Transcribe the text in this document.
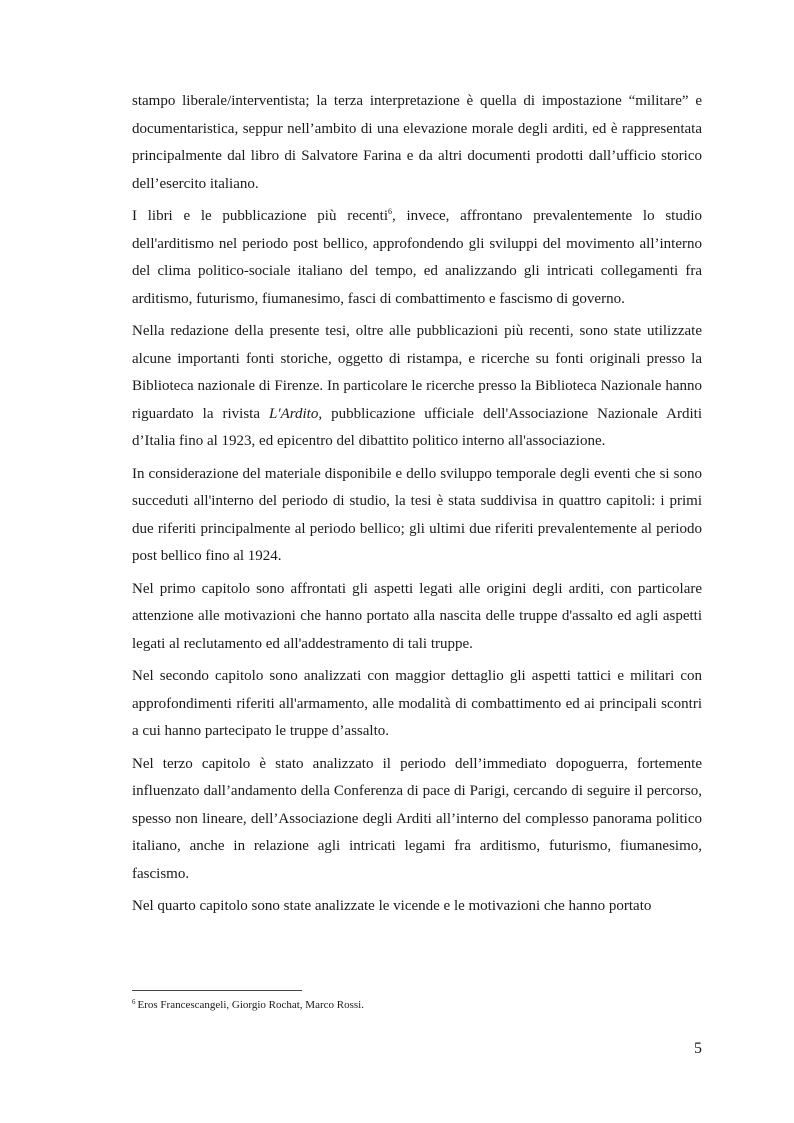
stampo liberale/interventista; la terza interpretazione è quella di impostazione “militare” e documentaristica, seppur nell’ambito di una elevazione morale degli arditi, ed è rappresentata principalmente dal libro di Salvatore Farina e da altri documenti prodotti dall’ufficio storico dell’esercito italiano.

I libri e le pubblicazione più recenti$^6$, invece, affrontano prevalentemente lo studio dell'arditismo nel periodo post bellico, approfondendo gli sviluppi del movimento all’interno del clima politico-sociale italiano del tempo, ed analizzando gli intricati collegamenti fra arditismo, futurismo, fiumanesimo, fasci di combattimento e fascismo di governo.

Nella redazione della presente tesi, oltre alle pubblicazioni più recenti, sono state utilizzate alcune importanti fonti storiche, oggetto di ristampa, e ricerche su fonti originali presso la Biblioteca nazionale di Firenze. In particolare le ricerche presso la Biblioteca Nazionale hanno riguardato la rivista L'Ardito, pubblicazione ufficiale dell'Associazione Nazionale Arditi d’Italia fino al 1923, ed epicentro del dibattito politico interno all'associazione.

In considerazione del materiale disponibile e dello sviluppo temporale degli eventi che si sono succeduti all'interno del periodo di studio, la tesi è stata suddivisa in quattro capitoli: i primi due riferiti principalmente al periodo bellico; gli ultimi due riferiti prevalentemente al periodo post bellico fino al 1924.

Nel primo capitolo sono affrontati gli aspetti legati alle origini degli arditi, con particolare attenzione alle motivazioni che hanno portato alla nascita delle truppe d'assalto ed agli aspetti legati al reclutamento ed all'addestramento di tali truppe.

Nel secondo capitolo sono analizzati con maggior dettaglio gli aspetti tattici e militari con approfondimenti riferiti all'armamento, alle modalità di combattimento ed ai principali scontri a cui hanno partecipato le truppe d’assalto.

Nel terzo capitolo è stato analizzato il periodo dell’immediato dopoguerra, fortemente influenzato dall’andamento della Conferenza di pace di Parigi, cercando di seguire il percorso, spesso non lineare, dell’Associazione degli Arditi all’interno del complesso panorama politico italiano, anche in relazione agli intricati legami fra arditismo, futurismo, fiumanesimo, fascismo.

Nel quarto capitolo sono state analizzate le vicende e le motivazioni che hanno portato

$^6$ Eros Francescangeli, Giorgio Rochat, Marco Rossi.
5
